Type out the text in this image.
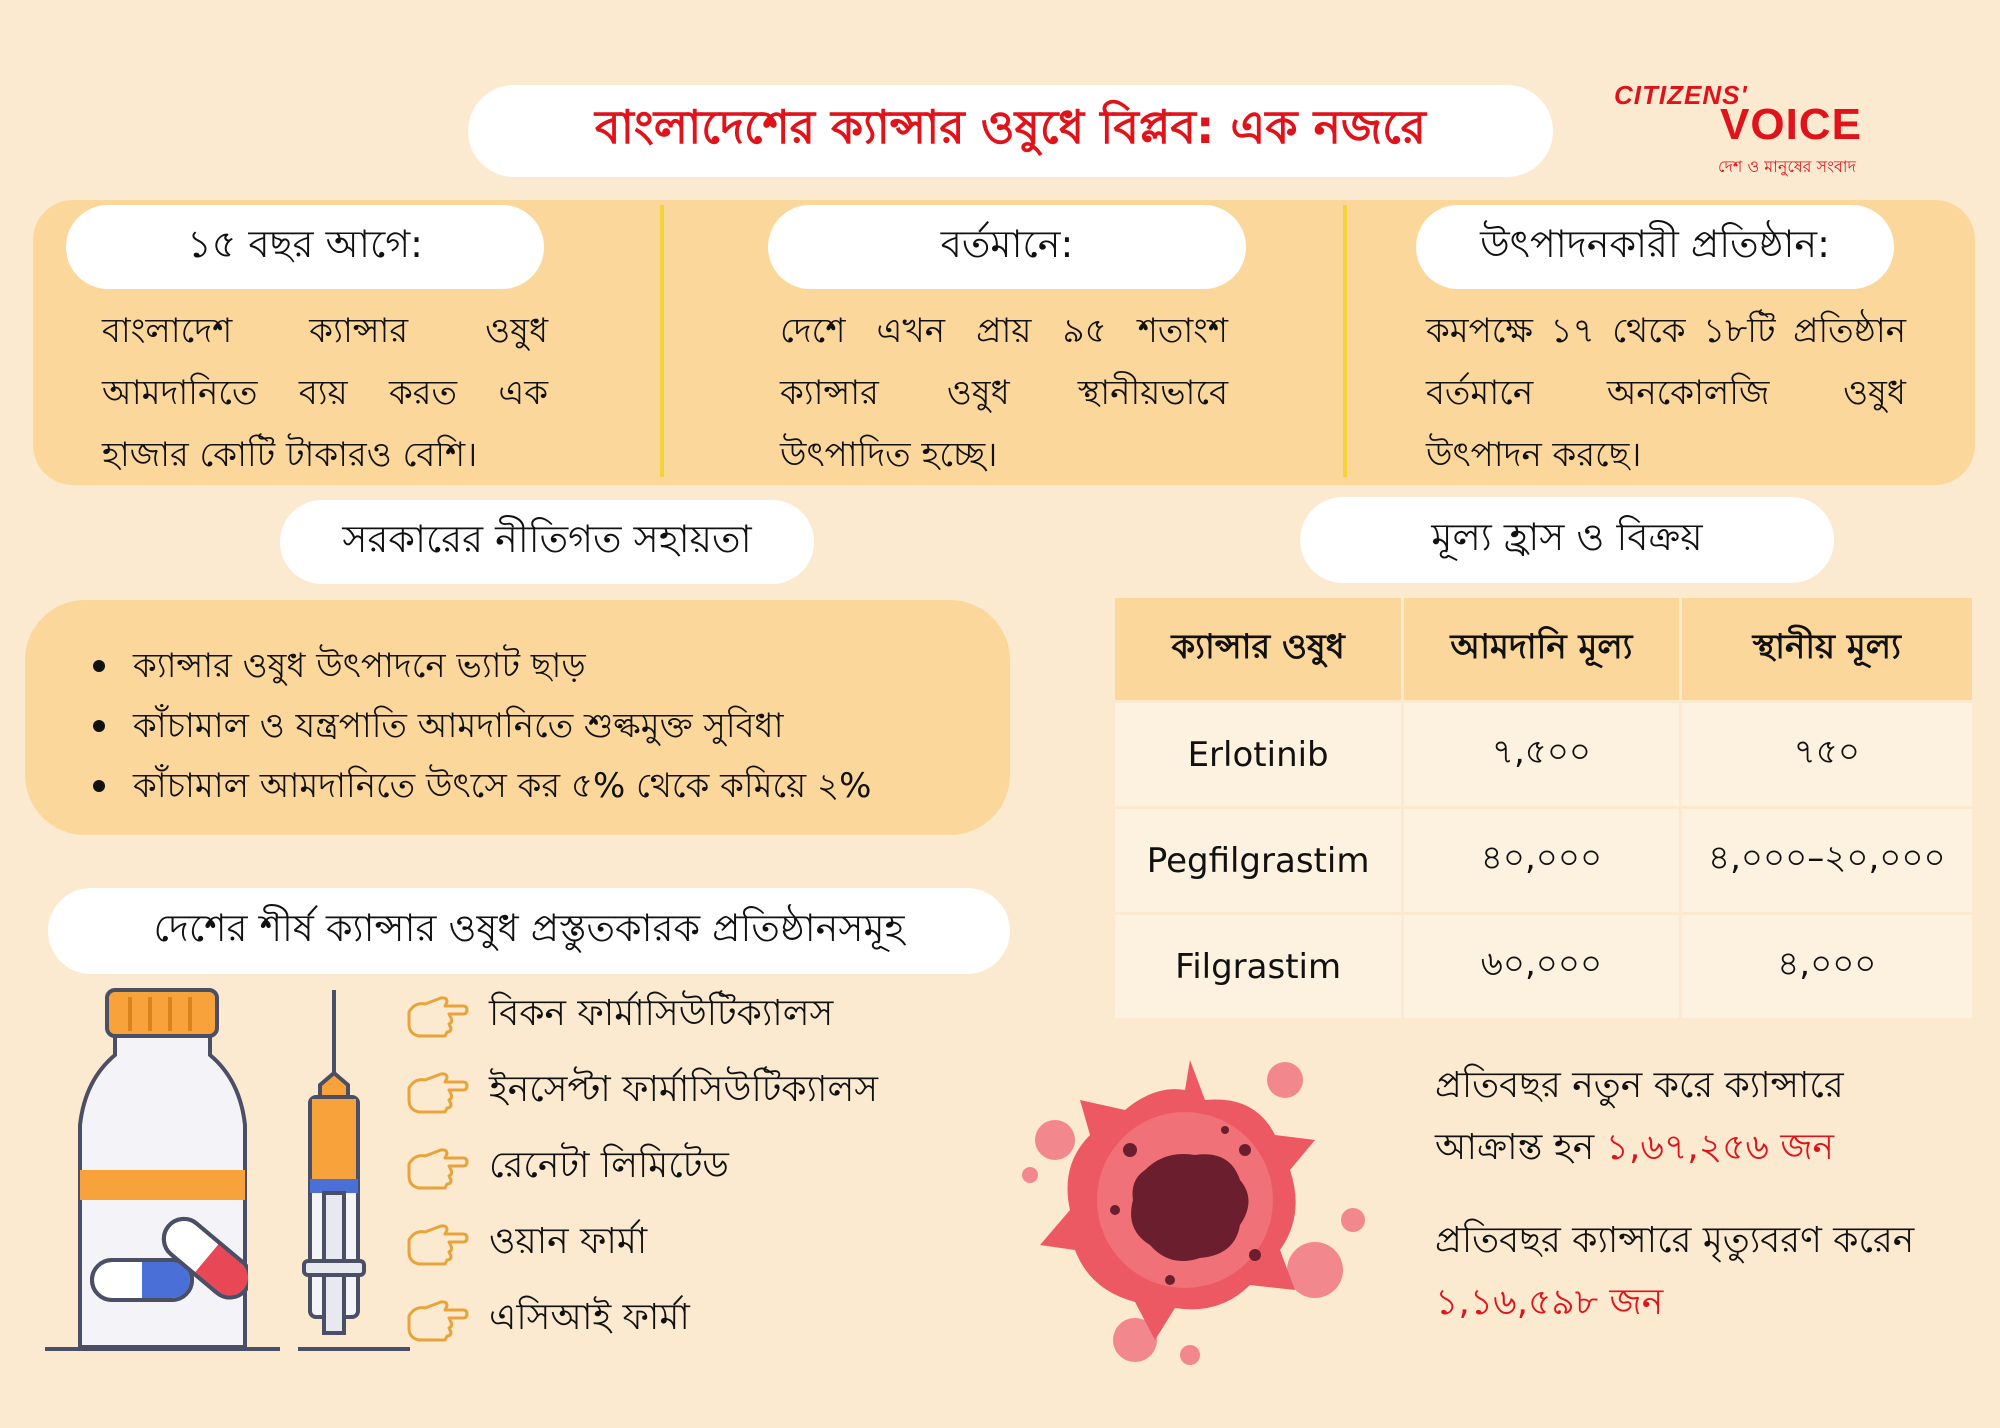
বাংলাদেশের ক্যান্সার ওষুধে বিপ্লব: এক নজরে
CITIZENS'
VOICE
দেশ ও মানুষের সংবাদ
১৫ বছর আগে:
বাংলাদেশ ক্যান্সার ওষুধ আমদানিতে ব্যয় করত এক হাজার কোটি টাকারও বেশি।
বর্তমানে:
দেশে এখন প্রায় ৯৫ শতাংশ ক্যান্সার ওষুধ স্থানীয়ভাবে উৎপাদিত হচ্ছে।
উৎপাদনকারী প্রতিষ্ঠান:
কমপক্ষে ১৭ থেকে ১৮টি প্রতিষ্ঠান বর্তমানে অনকোলজি ওষুধ উৎপাদন করছে।
সরকারের নীতিগত সহায়তা
ক্যান্সার ওষুধ উৎপাদনে ভ্যাট ছাড়
কাঁচামাল ও যন্ত্রপাতি আমদানিতে শুল্কমুক্ত সুবিধা
কাঁচামাল আমদানিতে উৎসে কর ৫% থেকে কমিয়ে ২%
মূল্য হ্রাস ও বিক্রয়
ক্যান্সার ওষুধ	আমদানি মূল্য	স্থানীয় মূল্য
Erlotinib	৭,৫০০	৭৫০
Pegfilgrastim	৪০,০০০	৪,০০০–২০,০০০
Filgrastim	৬০,০০০	৪,০০০
দেশের শীর্ষ ক্যান্সার ওষুধ প্রস্তুতকারক প্রতিষ্ঠানসমূহ
বিকন ফার্মাসিউটিক্যালস
ইনসেপ্টা ফার্মাসিউটিক্যালস
রেনেটা লিমিটেড
ওয়ান ফার্মা
এসিআই ফার্মা
প্রতিবছর নতুন করে ক্যান্সারে আক্রান্ত হন ১,৬৭,২৫৬ জন
প্রতিবছর ক্যান্সারে মৃত্যুবরণ করেন ১,১৬,৫৯৮ জন
